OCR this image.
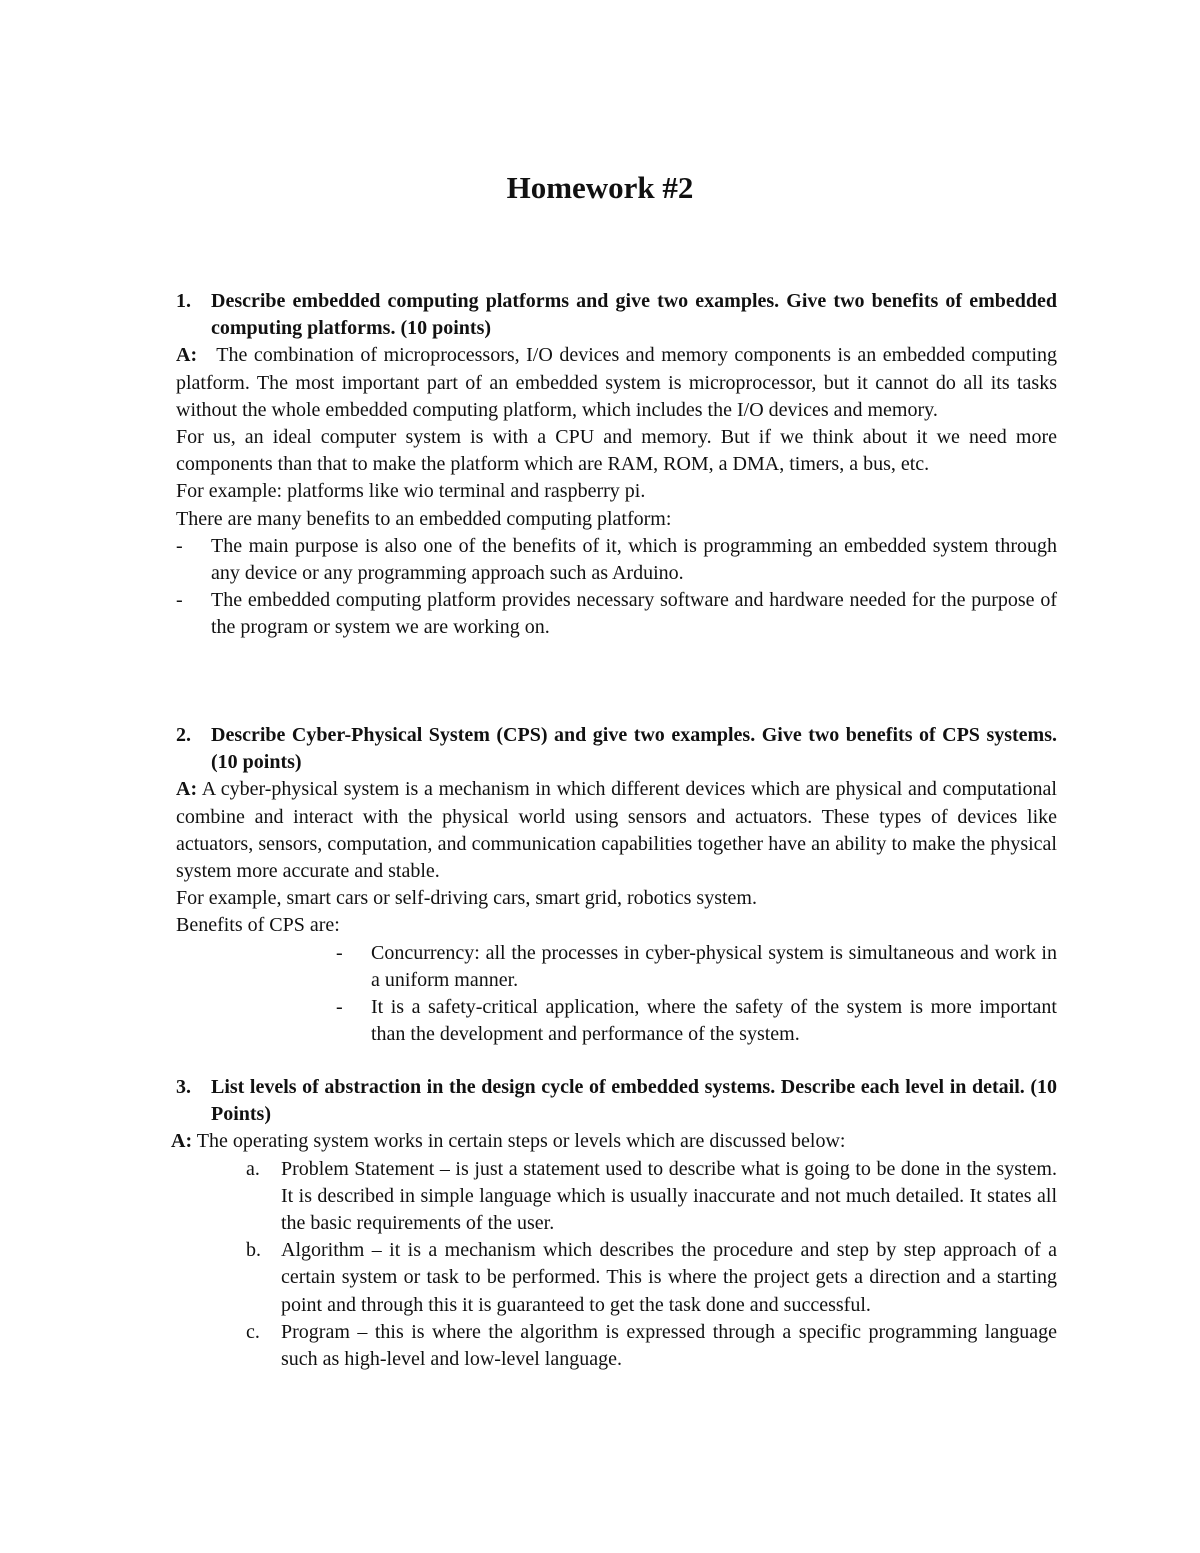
Homework #2
1. Describe embedded computing platforms and give two examples. Give two benefits of embedded computing platforms. (10 points)
A: The combination of microprocessors, I/O devices and memory components is an embedded computing platform. The most important part of an embedded system is microprocessor, but it cannot do all its tasks without the whole embedded computing platform, which includes the I/O devices and memory.
For us, an ideal computer system is with a CPU and memory. But if we think about it we need more components than that to make the platform which are RAM, ROM, a DMA, timers, a bus, etc.
For example: platforms like wio terminal and raspberry pi.
There are many benefits to an embedded computing platform:
- The main purpose is also one of the benefits of it, which is programming an embedded system through any device or any programming approach such as Arduino.
- The embedded computing platform provides necessary software and hardware needed for the purpose of the program or system we are working on.
2. Describe Cyber-Physical System (CPS) and give two examples. Give two benefits of CPS systems. (10 points)
A: A cyber-physical system is a mechanism in which different devices which are physical and computational combine and interact with the physical world using sensors and actuators. These types of devices like actuators, sensors, computation, and communication capabilities together have an ability to make the physical system more accurate and stable.
For example, smart cars or self-driving cars, smart grid, robotics system.
Benefits of CPS are:
- Concurrency: all the processes in cyber-physical system is simultaneous and work in a uniform manner.
- It is a safety-critical application, where the safety of the system is more important than the development and performance of the system.
3. List levels of abstraction in the design cycle of embedded systems. Describe each level in detail. (10 Points)
A: The operating system works in certain steps or levels which are discussed below:
a. Problem Statement – is just a statement used to describe what is going to be done in the system. It is described in simple language which is usually inaccurate and not much detailed. It states all the basic requirements of the user.
b. Algorithm – it is a mechanism which describes the procedure and step by step approach of a certain system or task to be performed. This is where the project gets a direction and a starting point and through this it is guaranteed to get the task done and successful.
c. Program – this is where the algorithm is expressed through a specific programming language such as high-level and low-level language.
